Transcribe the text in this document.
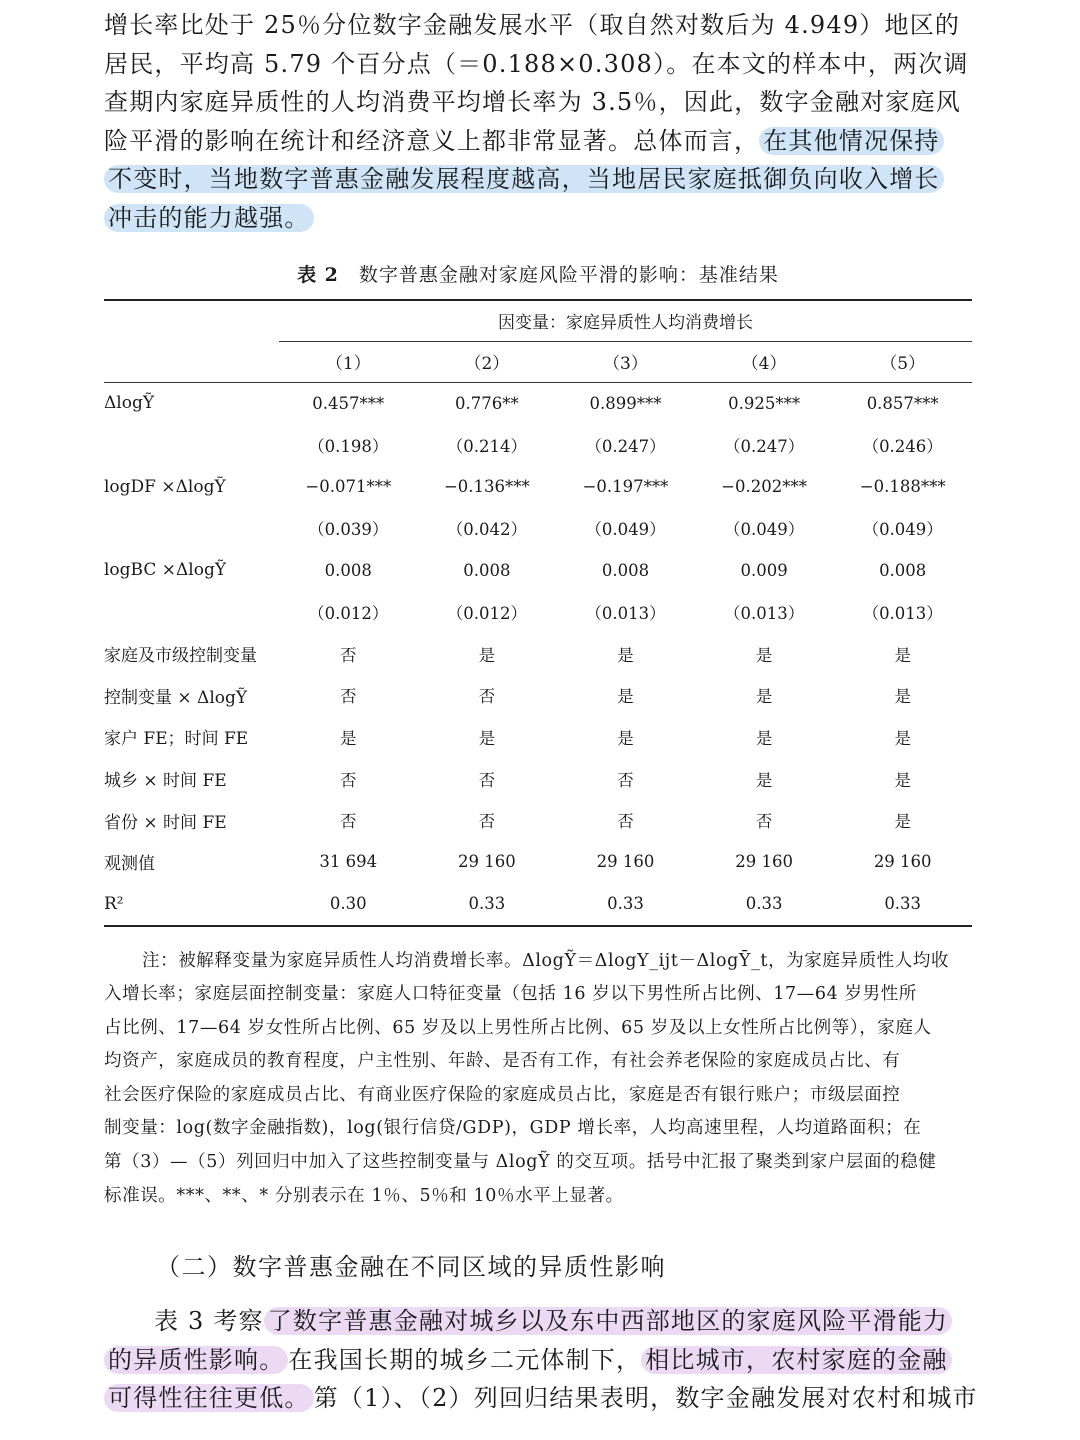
增长率比处于 25％分位数字金融发展水平（取自然对数后为 4.949）地区的
居民，平均高 5.79 个百分点（＝0.188×0.308）。在本文的样本中，两次调
查期内家庭异质性的人均消费平均增长率为 3.5％，因此，数字金融对家庭风
险平滑的影响在统计和经济意义上都非常显著。总体而言， 在其他情况保持
不变时，当地数字普惠金融发展程度越高，当地居民家庭抵御负向收入增长
冲击的能力越强。
表 2 数字普惠金融对家庭风险平滑的影响：基准结果
	因变量：家庭异质性人均消费增长				
	（1）	（2）	（3）	（4）	（5）
ΔlogỸ	0.457***	0.776**	0.899***	0.925***	0.857***
	（0.198）	（0.214）	（0.247）	（0.247）	（0.246）
logDF ×ΔlogỸ	−0.071***	−0.136***	−0.197***	−0.202***	−0.188***
	（0.039）	（0.042）	（0.049）	（0.049）	（0.049）
logBC ×ΔlogỸ	0.008	0.008	0.008	0.009	0.008
	（0.012）	（0.012）	（0.013）	（0.013）	（0.013）
家庭及市级控制变量	否	是	是	是	是
控制变量 × ΔlogỸ	否	否	是	是	是
家户 FE；时间 FE	是	是	是	是	是
城乡 × 时间 FE	否	否	否	是	是
省份 × 时间 FE	否	否	否	否	是
观测值	31 694	29 160	29 160	29 160	29 160
R²	0.30	0.33	0.33	0.33	0.33
注：被解释变量为家庭异质性人均消费增长率。ΔlogỸ＝ΔlogY_ijt－ΔlogȲ_t，为家庭异质性人均收
入增长率；家庭层面控制变量：家庭人口特征变量（包括 16 岁以下男性所占比例、17—64 岁男性所
占比例、17—64 岁女性所占比例、65 岁及以上男性所占比例、65 岁及以上女性所占比例等），家庭人
均资产，家庭成员的教育程度，户主性别、年龄、是否有工作，有社会养老保险的家庭成员占比、有
社会医疗保险的家庭成员占比、有商业医疗保险的家庭成员占比，家庭是否有银行账户；市级层面控
制变量：log(数字金融指数)，log(银行信贷/GDP)，GDP 增长率，人均高速里程，人均道路面积；在
第（3）—（5）列回归中加入了这些控制变量与 ΔlogỸ 的交互项。括号中汇报了聚类到家户层面的稳健
标准误。***、**、* 分别表示在 1％、5％和 10％水平上显著。
（二）数字普惠金融在不同区域的异质性影响
表 3 考察 了数字普惠金融对城乡以及东中西部地区的家庭风险平滑能力
的异质性影响。 在我国长期的城乡二元体制下， 相比城市，农村家庭的金融
可得性往往更低。 第（1）、（2）列回归结果表明，数字金融发展对农村和城市
